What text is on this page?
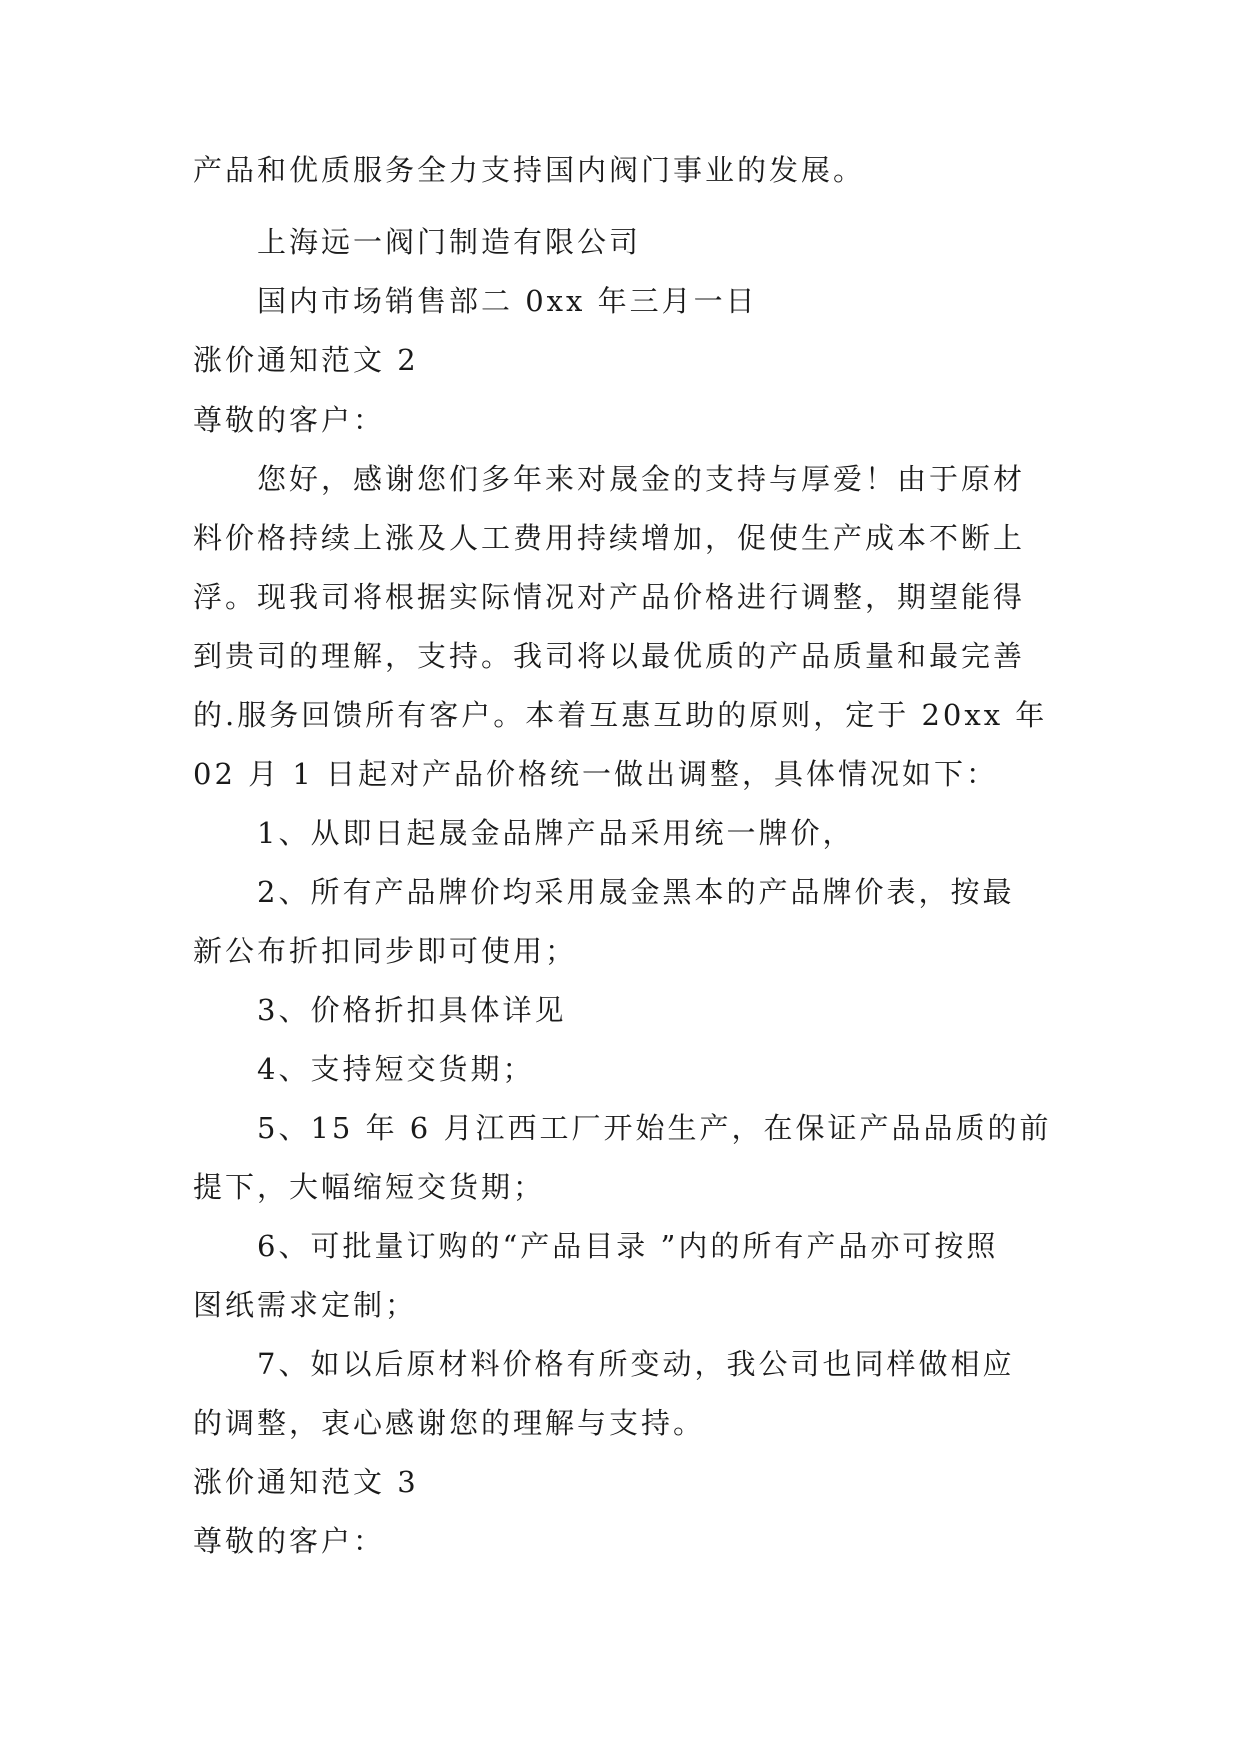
产品和优质服务全力支持国内阀门事业的发展。
上海远一阀门制造有限公司
国内市场销售部二 0xx 年三月一日
涨价通知范文 2
尊敬的客户：
您好，感谢您们多年来对晟金的支持与厚爱！由于原材
料价格持续上涨及人工费用持续增加，促使生产成本不断上
浮。现我司将根据实际情况对产品价格进行调整，期望能得
到贵司的理解，支持。我司将以最优质的产品质量和最完善
的.服务回馈所有客户。本着互惠互助的原则，定于 20xx 年
02 月 1 日起对产品价格统一做出调整，具体情况如下：
1、从即日起晟金品牌产品采用统一牌价，
2、所有产品牌价均采用晟金黑本的产品牌价表，按最
新公布折扣同步即可使用；
3、价格折扣具体详见
4、支持短交货期；
5、15 年 6 月江西工厂开始生产，在保证产品品质的前
提下，大幅缩短交货期；
6、可批量订购的“产品目录 ”内的所有产品亦可按照
图纸需求定制；
7、如以后原材料价格有所变动，我公司也同样做相应
的调整，衷心感谢您的理解与支持。
涨价通知范文 3
尊敬的客户：
